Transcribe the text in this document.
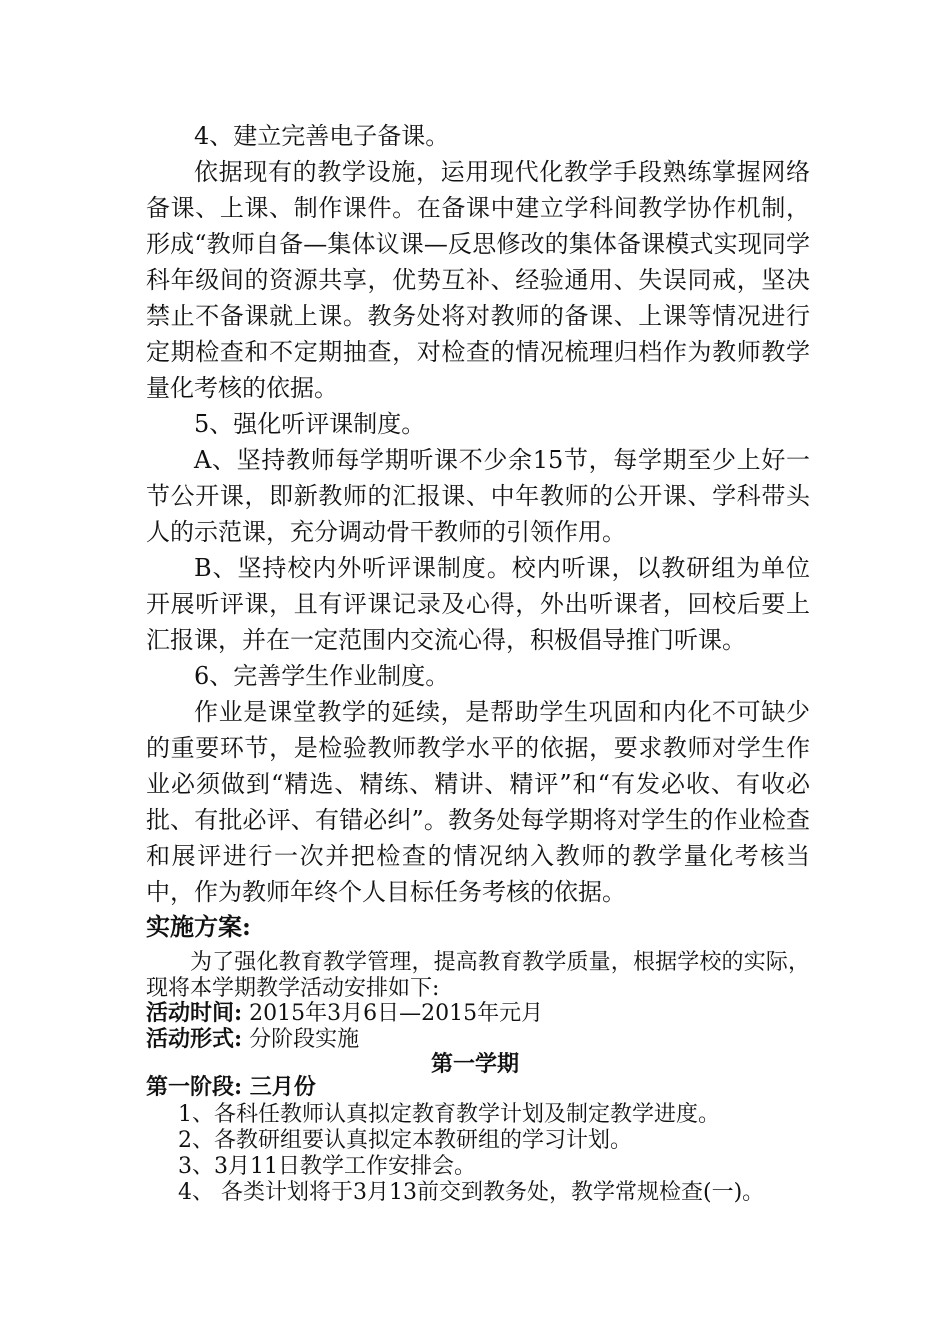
4、建立完善电子备课。

依据现有的教学设施，运用现代化教学手段熟练掌握网络备课、上课、制作课件。在备课中建立学科间教学协作机制，形成“教师自备—集体议课—反思修改的集体备课模式实现同学科年级间的资源共享，优势互补、经验通用、失误同戒，坚决禁止不备课就上课。教务处将对教师的备课、上课等情况进行定期检查和不定期抽查，对检查的情况梳理归档作为教师教学量化考核的依据。

5、强化听评课制度。

A、坚持教师每学期听课不少余15节，每学期至少上好一节公开课，即新教师的汇报课、中年教师的公开课、学科带头人的示范课，充分调动骨干教师的引领作用。

B、坚持校内外听评课制度。校内听课，以教研组为单位开展听评课，且有评课记录及心得，外出听课者，回校后要上汇报课，并在一定范围内交流心得，积极倡导推门听课。

6、完善学生作业制度。

作业是课堂教学的延续，是帮助学生巩固和内化不可缺少的重要环节，是检验教师教学水平的依据，要求教师对学生作业必须做到“精选、精练、精讲、精评”和“有发必收、有收必批、有批必评、有错必纠”。教务处每学期将对学生的作业检查和展评进行一次并把检查的情况纳入教师的教学量化考核当中，作为教师年终个人目标任务考核的依据。

实施方案:

为了强化教育教学管理，提高教育教学质量，根据学校的实际，现将本学期教学活动安排如下:

活动时间: 2015年3月6日—2015年元月

活动形式: 分阶段实施

第一学期

第一阶段: 三月份

1、各科任教师认真拟定教育教学计划及制定教学进度。

2、各教研组要认真拟定本教研组的学习计划。

3、3月11日教学工作安排会。

4、 各类计划将于3月13前交到教务处，教学常规检查(一)。
